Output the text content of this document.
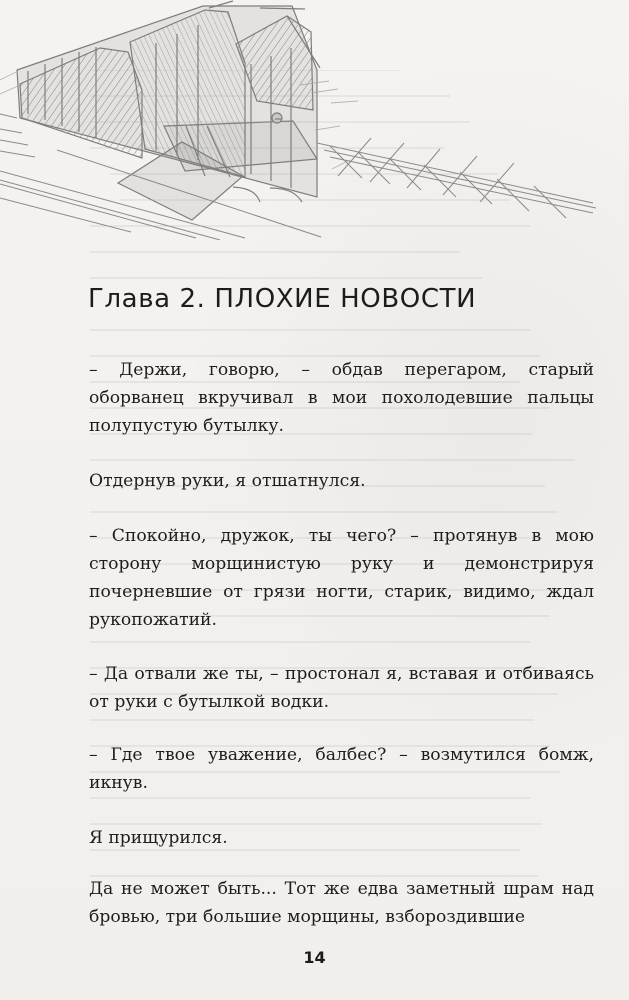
Глава 2. ПЛОХИЕ НОВОСТИ

– Держи, говорю, – обдав перегаром, старый оборванец вкручивал в мои похолодевшие пальцы полупустую бутылку.

Отдернув руки, я отшатнулся.

– Спокойно, дружок, ты чего? – протянув в мою сторону морщинистую руку и демонстрируя почерневшие от грязи ногти, старик, видимо, ждал рукопожатий.

– Да отвали же ты, – простонал я, вставая и отбиваясь от руки с бутылкой водки.

– Где твое уважение, балбес? – возмутился бомж, икнув.

Я прищурился.

Да не может быть... Тот же едва заметный шрам над бровью, три большие морщины, взбороздившие

14
